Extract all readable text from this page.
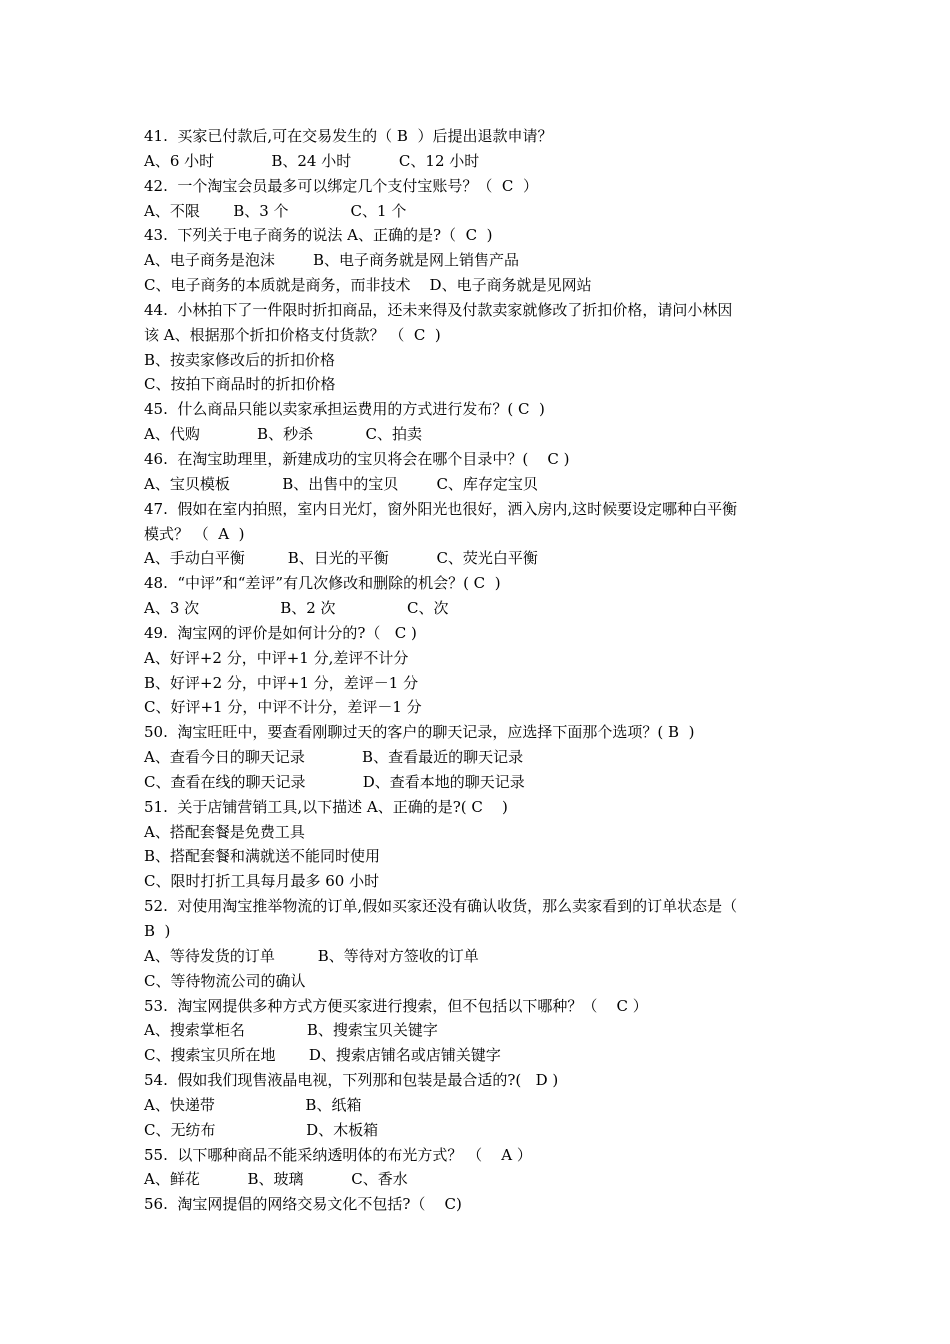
41.  买家已付款后,可在交易发生的（ B  ）后提出退款申请？
A、6 小时            B、24 小时          C、12 小时
42.  一个淘宝会员最多可以绑定几个支付宝账号？（  C  ）
A、不限       B、3 个             C、1 个
43.  下列关于电子商务的说法 A、正确的是?（  C  )
A、电子商务是泡沫        B、电子商务就是网上销售产品
C、电子商务的本质就是商务，而非技术    D、电子商务就是见网站
44.  小林拍下了一件限时折扣商品，还未来得及付款卖家就修改了折扣价格，请问小林因
该 A、根据那个折扣价格支付货款？ （  C  )
B、按卖家修改后的折扣价格
C、按拍下商品时的折扣价格
45.  什么商品只能以卖家承担运费用的方式进行发布？( C  )
A、代购            B、秒杀           C、拍卖
46.  在淘宝助理里，新建成功的宝贝将会在哪个目录中？(    C )
A、宝贝模板           B、出售中的宝贝        C、库存定宝贝
47.  假如在室内拍照，室内日光灯，窗外阳光也很好，洒入房内,这时候要设定哪种白平衡
模式？ （  A  )
A、手动白平衡         B、日光的平衡          C、荧光白平衡
48.  “中评”和“差评”有几次修改和删除的机会？( C  )
A、3 次                 B、2 次               C、次
49.  淘宝网的评价是如何计分的?（   C )
A、好评+2 分，中评+1 分,差评不计分
B、好评+2 分，中评+1 分，差评－1 分
C、好评+1 分，中评不计分，差评－1 分
50.  淘宝旺旺中，要查看刚聊过天的客户的聊天记录，应选择下面那个选项？( B  )
A、查看今日的聊天记录            B、查看最近的聊天记录
C、查看在线的聊天记录            D、查看本地的聊天记录
51.  关于店铺营销工具,以下描述 A、正确的是?( C    )
A、搭配套餐是免费工具
B、搭配套餐和满就送不能同时使用
C、限时打折工具每月最多 60 小时
52.  对使用淘宝推举物流的订单,假如买家还没有确认收货，那么卖家看到的订单状态是（
B  )
A、等待发货的订单         B、等待对方签收的订单
C、等待物流公司的确认
53.  淘宝网提供多种方式方便买家进行搜索，但不包括以下哪种？（    C ）
A、搜索掌柜名             B、搜索宝贝关键字
C、搜索宝贝所在地       D、搜索店铺名或店铺关键字
54.  假如我们现售液晶电视，下列那和包装是最合适的?(   D )
A、快递带                   B、纸箱
C、无纺布                   D、木板箱
55.  以下哪种商品不能采纳透明体的布光方式？ （    A ）
A、鲜花          B、玻璃          C、香水
56.  淘宝网提倡的网络交易文化不包括?（    C)
